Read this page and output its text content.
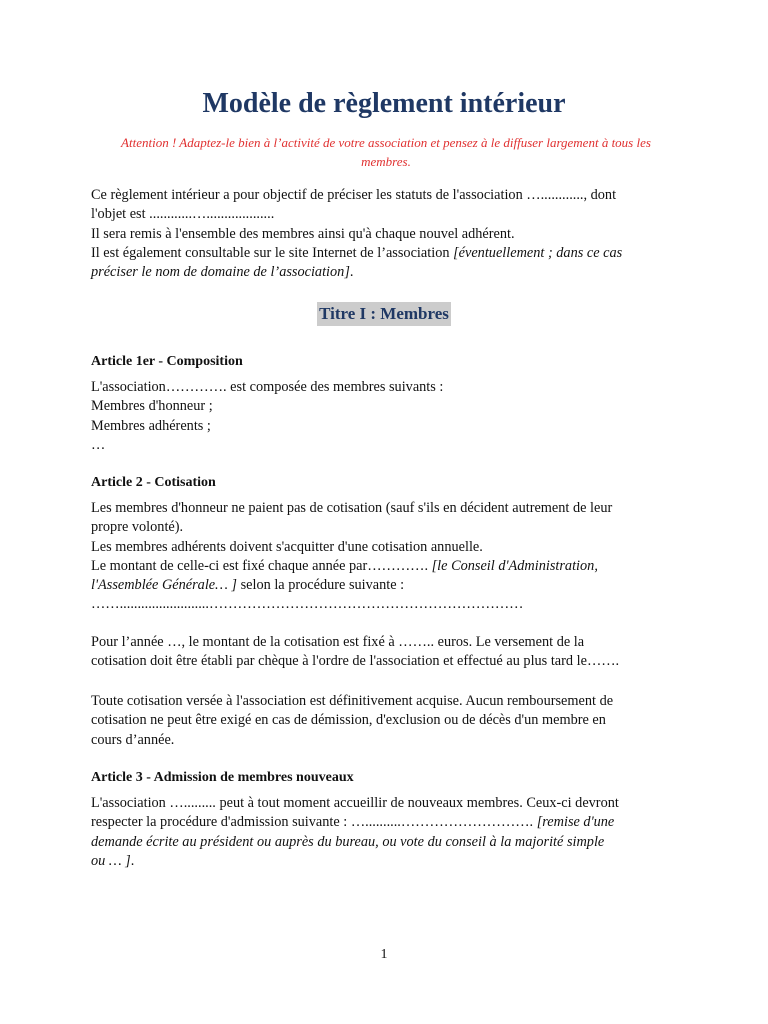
Modèle de règlement intérieur
Attention ! Adaptez-le bien à l’activité de votre association et pensez à le diffuser largement à tous les
membres.
Ce règlement intérieur a pour objectif de préciser les statuts de l'association …............, dont
l'objet est ............…...................
Il sera remis à l'ensemble des membres ainsi qu'à chaque nouvel adhérent.
Il est également consultable sur le site Internet de l’association [éventuellement ; dans ce cas
préciser le nom de domaine de l’association].
Titre I : Membres
Article 1er - Composition
L'association…………. est composée des membres suivants :
Membres d'honneur ;
Membres adhérents ;
…
Article 2 - Cotisation
Les membres d'honneur ne paient pas de cotisation (sauf s'ils en décident autrement de leur
propre volonté).
Les membres adhérents doivent s'acquitter d'une cotisation annuelle.
Le montant de celle-ci est fixé chaque année par…………. [le Conseil d'Administration,
l'Assemblée Générale… ] selon la procédure suivante :
…….........................…………………………………………………………
Pour l’année …, le montant de la cotisation est fixé à …….. euros. Le versement de la
cotisation doit être établi par chèque à l'ordre de l'association et effectué au plus tard le…….
Toute cotisation versée à l'association est définitivement acquise. Aucun remboursement de
cotisation ne peut être exigé en cas de démission, d'exclusion ou de décès d'un membre en
cours d’année.
Article 3 - Admission de membres nouveaux
L'association …......... peut à tout moment accueillir de nouveaux membres. Ceux-ci devront
respecter la procédure d'admission suivante : …..........………………………. [remise d'une
demande écrite au président ou auprès du bureau, ou vote du conseil à la majorité simple
ou … ].
1
